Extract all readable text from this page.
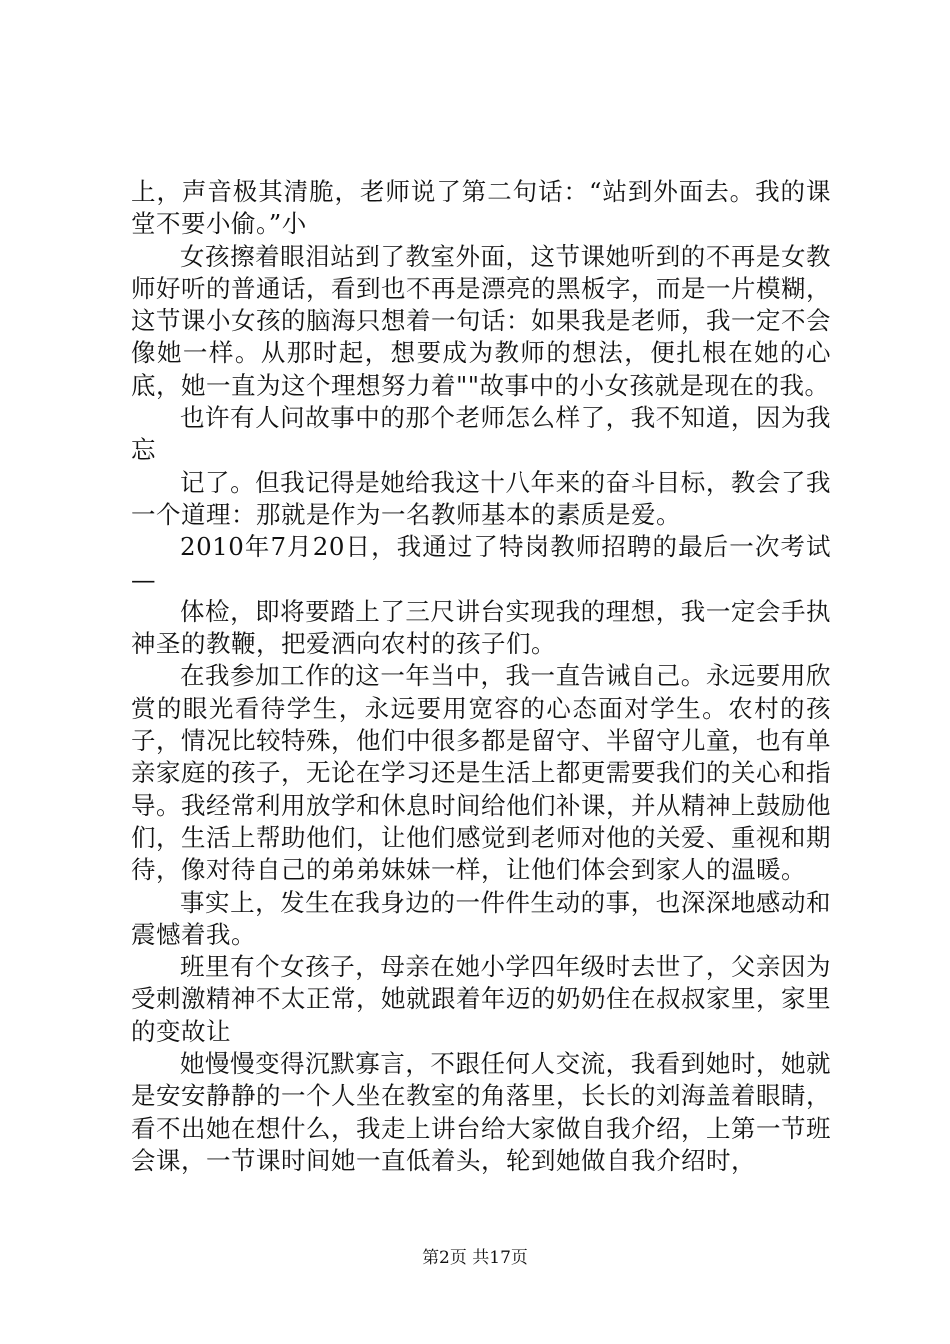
上，声音极其清脆，老师说了第二句话：“站到外面去。我的课堂不要小偷。”小

女孩擦着眼泪站到了教室外面，这节课她听到的不再是女教师好听的普通话，看到也不再是漂亮的黑板字，而是一片模糊，这节课小女孩的脑海只想着一句话：如果我是老师，我一定不会像她一样。从那时起，想要成为教师的想法，便扎根在她的心底，她一直为这个理想努力着""故事中的小女孩就是现在的我。

也许有人问故事中的那个老师怎么样了，我不知道，因为我忘

记了。但我记得是她给我这十八年来的奋斗目标，教会了我一个道理：那就是作为一名教师基本的素质是爱。

2010年7月20日，我通过了特岗教师招聘的最后一次考试—

体检，即将要踏上了三尺讲台实现我的理想，我一定会手执神圣的教鞭，把爱洒向农村的孩子们。

在我参加工作的这一年当中，我一直告诫自己。永远要用欣赏的眼光看待学生，永远要用宽容的心态面对学生。农村的孩子，情况比较特殊，他们中很多都是留守、半留守儿童，也有单亲家庭的孩子，无论在学习还是生活上都更需要我们的关心和指导。我经常利用放学和休息时间给他们补课，并从精神上鼓励他们，生活上帮助他们，让他们感觉到老师对他的关爱、重视和期待，像对待自己的弟弟妹妹一样，让他们体会到家人的温暖。

事实上，发生在我身边的一件件生动的事，也深深地感动和震憾着我。

班里有个女孩子，母亲在她小学四年级时去世了，父亲因为受刺激精神不太正常，她就跟着年迈的奶奶住在叔叔家里，家里的变故让

她慢慢变得沉默寡言，不跟任何人交流，我看到她时，她就是安安静静的一个人坐在教室的角落里，长长的刘海盖着眼睛，看不出她在想什么，我走上讲台给大家做自我介绍，上第一节班会课，一节课时间她一直低着头，轮到她做自我介绍时，

第2页 共17页
